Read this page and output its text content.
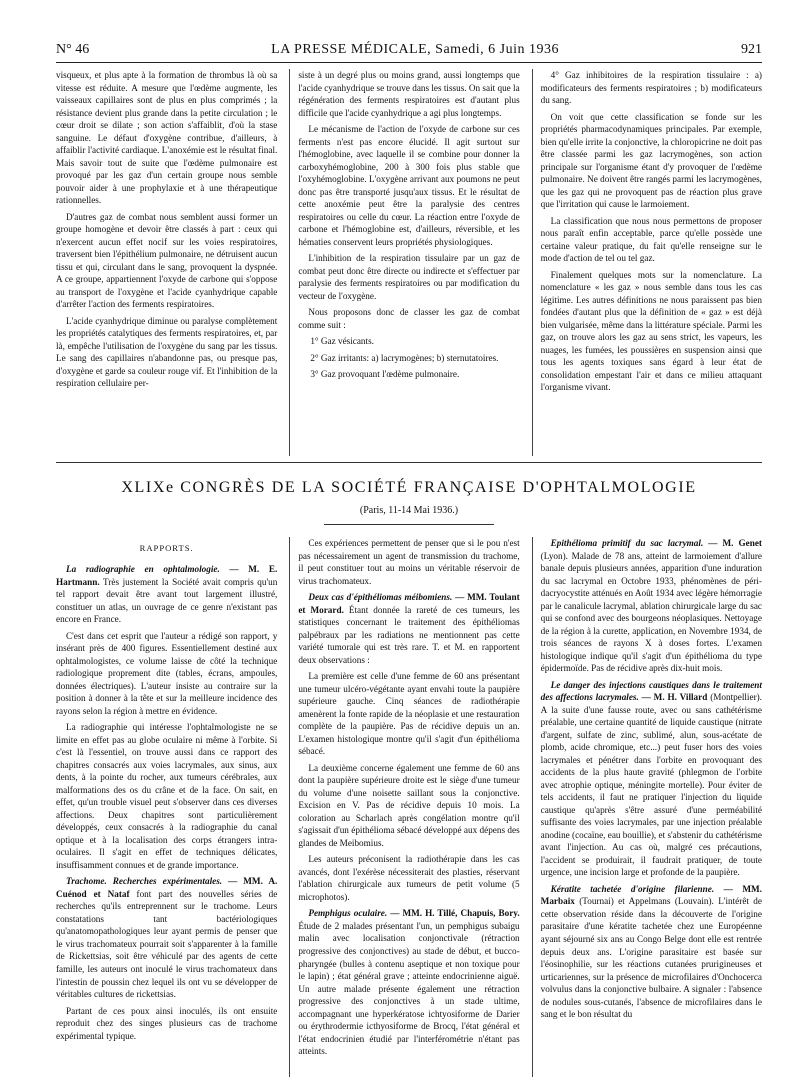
N° 46	LA PRESSE MÉDICALE, Samedi, 6 Juin 1936	921

visqueux, et plus apte à la formation de thrombus là où sa vitesse est réduite. A mesure que l'œdème augmente, les vaisseaux capillaires sont de plus en plus comprimés ; la résistance devient plus grande dans la petite circulation ; le cœur droit se dilate ; son action s'affaiblit, d'où la stase sanguine. Le défaut d'oxygène contribue, d'ailleurs, à affaiblir l'activité cardiaque. L'anoxémie est le résultat final. Mais savoir tout de suite que l'œdème pulmonaire est provoqué par les gaz d'un certain groupe nous semble pouvoir aider à une prophylaxie et à une thérapeutique rationnelles.

D'autres gaz de combat nous semblent aussi former un groupe homogène et devoir être classés à part : ceux qui n'exercent aucun effet nocif sur les voies respiratoires, traversent bien l'épithélium pulmonaire, ne détruisent aucun tissu et qui, circulant dans le sang, provoquent la dyspnée. A ce groupe, appartiennent l'oxyde de carbone qui s'oppose au transport de l'oxygène et l'acide cyanhydrique capable d'arrêter l'action des ferments respiratoires.

L'acide cyanhydrique diminue ou paralyse complètement les propriétés catalytiques des ferments respiratoires, et, par là, empêche l'utilisation de l'oxygène du sang par les tissus. Le sang des capillaires n'abandonne pas, ou presque pas, d'oxygène et garde sa couleur rouge vif. Et l'inhibition de la respiration cellulaire per-

siste à un degré plus ou moins grand, aussi longtemps que l'acide cyanhydrique se trouve dans les tissus. On sait que la régénération des ferments respiratoires est d'autant plus difficile que l'acide cyanhydrique a agi plus longtemps.

Le mécanisme de l'action de l'oxyde de carbone sur ces ferments n'est pas encore élucidé. Il agit surtout sur l'hémoglobine, avec laquelle il se combine pour donner la carboxyhémoglobine, 200 à 300 fois plus stable que l'oxyhémoglobine. L'oxygène arrivant aux poumons ne peut donc pas être transporté jusqu'aux tissus. Et le résultat de cette anoxémie peut être la paralysie des centres respiratoires ou celle du cœur. La réaction entre l'oxyde de carbone et l'hémoglobine est, d'ailleurs, réversible, et les hématies conservent leurs propriétés physiologiques.

L'inhibition de la respiration tissulaire par un gaz de combat peut donc être directe ou indirecte et s'effectuer par paralysie des ferments respiratoires ou par modification du vecteur de l'oxygène.

Nous proposons donc de classer les gaz de combat comme suit :

1° Gaz vésicants.

2° Gaz irritants: a) lacrymogènes; b) sternutatoires.

3° Gaz provoquant l'œdème pulmonaire.

4° Gaz inhibitoires de la respiration tissulaire : a) modificateurs des ferments respiratoires ; b) modificateurs du sang.

On voit que cette classification se fonde sur les propriétés pharmacodynamiques principales. Par exemple, bien qu'elle irrite la conjonctive, la chloropicrine ne doit pas être classée parmi les gaz lacrymogènes, son action principale sur l'organisme étant d'y provoquer de l'œdème pulmonaire. Ne doivent être rangés parmi les lacrymogènes, que les gaz qui ne provoquent pas de réaction plus grave que l'irritation qui cause le larmoiement.

La classification que nous nous permettons de proposer nous paraît enfin acceptable, parce qu'elle possède une certaine valeur pratique, du fait qu'elle renseigne sur le mode d'action de tel ou tel gaz.

Finalement quelques mots sur la nomenclature. La nomenclature « les gaz » nous semble dans tous les cas légitime. Les autres définitions ne nous paraissent pas bien fondées d'autant plus que la définition de « gaz » est déjà bien vulgarisée, même dans la littérature spéciale. Parmi les gaz, on trouve alors les gaz au sens strict, les vapeurs, les nuages, les fumées, les poussières en suspension ainsi que tous les agents toxiques sans égard à leur état de consolidation empestant l'air et dans ce milieu attaquant l'organisme vivant.

XLIXe CONGRÈS DE LA SOCIÉTÉ FRANÇAISE D'OPHTALMOLOGIE
(Paris, 11-14 Mai 1936.)
RAPPORTS.

La radiographie en ophtalmologie. — M. E. Hartmann. Très justement la Société avait compris qu'un tel rapport devait être avant tout largement illustré, constituer un atlas, un ouvrage de ce genre n'existant pas encore en France.

C'est dans cet esprit que l'auteur a rédigé son rapport, y insérant près de 400 figures. Essentiellement destiné aux ophtalmologistes, ce volume laisse de côté la technique radiologique proprement dite (tables, écrans, ampoules, données électriques). L'auteur insiste au contraire sur la position à donner à la tête et sur la meilleure incidence des rayons selon la région à mettre en évidence.

La radiographie qui intéresse l'ophtalmologiste ne se limite en effet pas au globe oculaire ni même à l'orbite. Si c'est là l'essentiel, on trouve aussi dans ce rapport des chapitres consacrés aux voies lacrymales, aux sinus, aux dents, à la pointe du rocher, aux tumeurs cérébrales, aux malformations des os du crâne et de la face. On sait, en effet, qu'un trouble visuel peut s'observer dans ces diverses affections. Deux chapitres sont particulièrement développés, ceux consacrés à la radiographie du canal optique et à la localisation des corps étrangers intra-oculaires. Il s'agit en effet de techniques délicates, insuffisamment connues et de grande importance.

Trachome. Recherches expérimentales. — MM. A. Cuénod et Nataf font part des nouvelles séries de recherches qu'ils entreprennent sur le trachome. Leurs constatations tant bactériologiques qu'anatomopathologiques leur ayant permis de penser que le virus trachomateux pourrait soit s'apparenter à la famille de Rickettsias, soit être véhiculé par des agents de cette famille, les auteurs ont inoculé le virus trachomateux dans l'intestin de poussin chez lequel ils ont vu se développer de véritables cultures de rickettsias.

Partant de ces poux ainsi inoculés, ils ont ensuite reproduit chez des singes plusieurs cas de trachome expérimental typique.

Ces expériences permettent de penser que si le pou n'est pas nécessairement un agent de transmission du trachome, il peut constituer tout au moins un véritable réservoir de virus trachomateux.

Deux cas d'épithéliomas méibomiens. — MM. Toulant et Morard. Étant donnée la rareté de ces tumeurs, les statistiques concernant le traitement des épithéliomas palpébraux par les radiations ne mentionnent pas cette variété tumorale qui est très rare. T. et M. en rapportent deux observations :

La première est celle d'une femme de 60 ans présentant une tumeur ulcéro-végétante ayant envahi toute la paupière supérieure gauche. Cinq séances de radiothérapie amenèrent la fonte rapide de la néoplasie et une restauration complète de la paupière. Pas de récidive depuis un an. L'examen histologique montre qu'il s'agit d'un épithélioma sébacé.

La deuxième concerne également une femme de 60 ans dont la paupière supérieure droite est le siège d'une tumeur du volume d'une noisette saillant sous la conjonctive. Excision en V. Pas de récidive depuis 10 mois. La coloration au Scharlach après congélation montre qu'il s'agissait d'un épithélioma sébacé développé aux dépens des glandes de Meibomius.

Les auteurs préconisent la radiothérapie dans les cas avancés, dont l'exérèse nécessiterait des plasties, réservant l'ablation chirurgicale aux tumeurs de petit volume (5 microphotos).

Pemphigus oculaire. — MM. H. Tillé, Chapuis, Bory. Étude de 2 malades présentant l'un, un pemphigus subaigu malin avec localisation conjonctivale (rétraction progressive des conjonctives) au stade de début, et bucco-pharyngée (bulles à contenu aseptique et non toxique pour le lapin) ; état général grave ; atteinte endocrinienne aiguë. Un autre malade présente également une rétraction progressive des conjonctives à un stade ultime, accompagnant une hyperkératose ichtyosiforme de Darier ou érythrodermie icthyosiforme de Brocq, l'état général et l'état endocrinien étudié par l'interférométrie n'étant pas atteints.

Epithélioma primitif du sac lacrymal. — M. Genet (Lyon). Malade de 78 ans, atteint de larmoiement d'allure banale depuis plusieurs années, apparition d'une induration du sac lacrymal en Octobre 1933, phénomènes de péri-dacryocystite atténués en Août 1934 avec légère hémorragie par le canalicule lacrymal, ablation chirurgicale large du sac qui se confond avec des bourgeons néoplasiques. Nettoyage de la région à la curette, application, en Novembre 1934, de trois séances de rayons X à doses fortes. L'examen histologique indique qu'il s'agit d'un épithélioma du type épidermoïde. Pas de récidive après dix-huit mois.

Le danger des injections caustiques dans le traitement des affections lacrymales. — M. H. Villard (Montpellier). A la suite d'une fausse route, avec ou sans cathétérisme préalable, une certaine quantité de liquide caustique (nitrate d'argent, sulfate de zinc, sublimé, alun, sous-acétate de plomb, acide chromique, etc...) peut fuser hors des voies lacrymales et pénétrer dans l'orbite en provoquant des accidents de la plus haute gravité (phlegmon de l'orbite avec atrophie optique, méningite mortelle). Pour éviter de tels accidents, il faut ne pratiquer l'injection du liquide caustique qu'après s'être assuré d'une perméabilité suffisante des voies lacrymales, par une injection préalable anodine (cocaïne, eau bouillie), et s'abstenir du cathétérisme avant l'injection. Au cas où, malgré ces précautions, l'accident se produirait, il faudrait pratiquer, de toute urgence, une incision large et profonde de la paupière.

Kératite tachetée d'origine filarienne. — MM. Marbaix (Tournai) et Appelmans (Louvain). L'intérêt de cette observation réside dans la découverte de l'origine parasitaire d'une kératite tachetée chez une Européenne ayant séjourné six ans au Congo Belge dont elle est rentrée depuis deux ans. L'origine parasitaire est basée sur l'éosinophilie, sur les réactions cutanées prurigineuses et urticariennes, sur la présence de microfilaires d'Onchocerca volvulus dans la conjonctive bulbaire. A signaler : l'absence de nodules sous-cutanés, l'absence de microfilaires dans le sang et le bon résultat du
